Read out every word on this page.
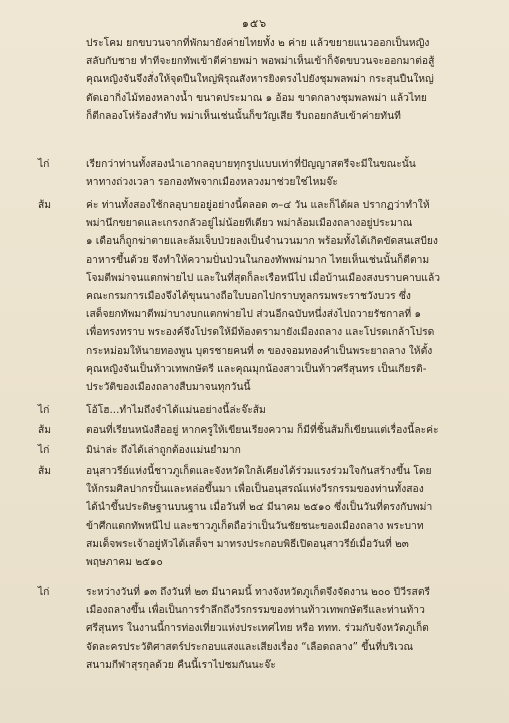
๑๕๖
ประโคม ยกขบวนจากที่พักมายังค่ายไทยทั้ง ๒ ค่าย แล้วขยายแนวออกเป็นหญิง
สลับกับชาย ทำทีจะยกทัพเข้าตีค่ายพม่า พอพม่าเห็นเข้าก็จัดขบวนจะออกมาต่อสู้
คุณหญิงจันจึงสั่งให้จุดปืนใหญ่พิรุณสังหารยิงตรงไปยังชุมพลพม่า กระสุนปืนใหญ่
ตัดเอากิ่งไม้ทองหลางน้ำ ขนาดประมาณ ๑ อ้อม ขาดกลางชุมพลพม่า แล้วไทย
ก็ตีกลองโห่ร้องสำทับ พม่าเห็นเช่นนั้นก็ขวัญเสีย รีบถอยกลับเข้าค่ายทันที
ไก่	เรียกว่าท่านทั้งสองนำเอากลอุบายทุกรูปแบบเท่าที่ปัญญาสตรีจะมีในขณะนั้น
หาทางถ่วงเวลา รอกองทัพจากเมืองหลวงมาช่วยใช่ไหมจ๊ะ
ส้ม	ค่ะ ท่านทั้งสองใช้กลอุบายอยู่อย่างนี้ตลอด ๓–๔ วัน และก็ได้ผล ปรากฏว่าทำให้
พม่านึกขยาดและเกรงกลัวอยู่ไม่น้อยทีเดียว พม่าล้อมเมืองถลางอยู่ประมาณ
๑ เดือนก็ถูกฆ่าตายและล้มเจ็บป่วยลงเป็นจำนวนมาก พร้อมทั้งได้เกิดขัดสนเสบียง
อาหารขึ้นด้วย จึงทำให้ความปั่นป่วนในกองทัพพม่ามาก ไทยเห็นเช่นนั้นก็ตีตาม
โจมตีพม่าจนแตกพ่ายไป และในที่สุดก็ละเรือหนีไป เมื่อบ้านเมืองสงบราบคาบแล้ว
คณะกรมการเมืองจึงได้ขุนนางถือใบบอกไปกราบทูลกรมพระราชวังบวร ซึ่ง
เสด็จยกทัพมาตีพม่าบางบกแตกพ่ายไป ส่วนอีกฉบับหนึ่งส่งไปถวายรัชกาลที่ ๑
เพื่อทรงทราบ พระองค์จึงโปรดให้มีท้องตรามายังเมืองถลาง และโปรดเกล้าโปรด
กระหม่อมให้นายทองพูน บุตรชายคนที่ ๓ ของจอมทองคำเป็นพระยาถลาง ให้ตั้ง
คุณหญิงจันเป็นท้าวเทพกษัตรี และคุณมุกน้องสาวเป็นท้าวศรีสุนทร เป็นเกียรติ-
ประวัติของเมืองถลางสืบมาจนทุกวันนี้
ไก่	โอ้โฮ...ทำไมถึงจำได้แม่นอย่างนี้ล่ะจ๊ะส้ม
ส้ม	ตอนที่เรียนหนังสืออยู่ หากครูให้เขียนเรียงความ ก็มีที่ชิ้นส้มก็เขียนแต่เรื่องนี้ละค่ะ
ไก่	มิน่าล่ะ ถึงได้เล่าถูกต้องแม่นยำมาก
ส้ม	อนุสาวรีย์แห่งนี้ชาวภูเก็ตและจังหวัดใกล้เคียงได้ร่วมแรงร่วมใจกันสร้างขึ้น โดย
ให้กรมศิลปากรปั้นและหล่อขึ้นมา เพื่อเป็นอนุสรณ์แห่งวีรกรรมของท่านทั้งสอง
ได้นำขึ้นประดิษฐานบนฐาน เมื่อวันที่ ๒๔ มีนาคม ๒๕๑๐ ซึ่งเป็นวันที่ตรงกับพม่า
ข้าศึกแตกทัพหนีไป และชาวภูเก็ตถือว่าเป็นวันชัยชนะของเมืองถลาง พระบาท
สมเด็จพระเจ้าอยู่หัวได้เสด็จฯ มาทรงประกอบพิธีเปิดอนุสาวรีย์เมื่อวันที่ ๒๓
พฤษภาคม ๒๕๑๐
ไก่	ระหว่างวันที่ ๑๓ ถึงวันที่ ๒๓ มีนาคมนี้ ทางจังหวัดภูเก็ตจึงจัดงาน ๒๐๐ ปีวีรสตรี
เมืองถลางขึ้น เพื่อเป็นการรำลึกถึงวีรกรรมของท่านท้าวเทพกษัตรีและท่านท้าว
ศรีสุนทร ในงานนี้การท่องเที่ยวแห่งประเทศไทย หรือ ททท. ร่วมกับจังหวัดภูเก็ต
จัดละครประวัติศาสตร์ประกอบแสงและเสียงเรื่อง “เลือดถลาง” ขึ้นที่บริเวณ
สนามกีฬาสุรกุลด้วย คืนนี้เราไปชมกันนะจ๊ะ
